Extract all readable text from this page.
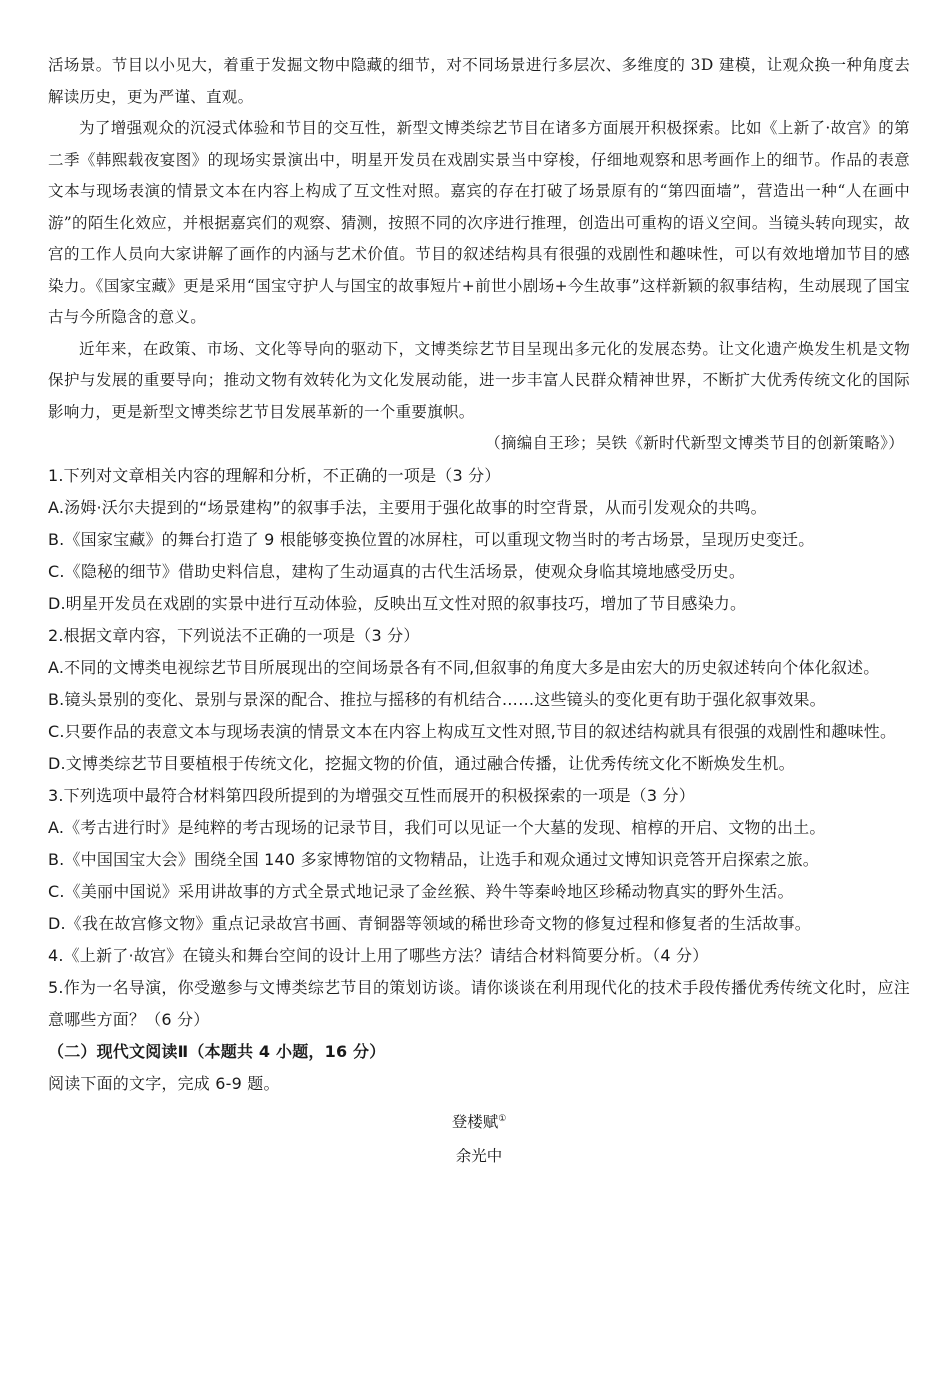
活场景。节目以小见大，着重于发掘文物中隐藏的细节，对不同场景进行多层次、多维度的 3D 建模，让观众换一种角度去解读历史，更为严谨、直观。

为了增强观众的沉浸式体验和节目的交互性，新型文博类综艺节目在诸多方面展开积极探索。比如《上新了·故宫》的第二季《韩熙载夜宴图》的现场实景演出中，明星开发员在戏剧实景当中穿梭，仔细地观察和思考画作上的细节。作品的表意文本与现场表演的情景文本在内容上构成了互文性对照。嘉宾的存在打破了场景原有的“第四面墙”，营造出一种“人在画中游”的陌生化效应，并根据嘉宾们的观察、猜测，按照不同的次序进行推理，创造出可重构的语义空间。当镜头转向现实，故宫的工作人员向大家讲解了画作的内涵与艺术价值。节目的叙述结构具有很强的戏剧性和趣味性，可以有效地增加节目的感染力。《国家宝藏》更是采用“国宝守护人与国宝的故事短片+前世小剧场+今生故事”这样新颖的叙事结构，生动展现了国宝古与今所隐含的意义。

近年来，在政策、市场、文化等导向的驱动下，文博类综艺节目呈现出多元化的发展态势。让文化遗产焕发生机是文物保护与发展的重要导向；推动文物有效转化为文化发展动能，进一步丰富人民群众精神世界，不断扩大优秀传统文化的国际影响力，更是新型文博类综艺节目发展革新的一个重要旗帜。

（摘编自王珍；吴铁《新时代新型文博类节目的创新策略》）

1.下列对文章相关内容的理解和分析，不正确的一项是（3 分）

A.汤姆·沃尔夫提到的“场景建构”的叙事手法，主要用于强化故事的时空背景，从而引发观众的共鸣。

B.《国家宝藏》的舞台打造了 9 根能够变换位置的冰屏柱，可以重现文物当时的考古场景，呈现历史变迁。

C.《隐秘的细节》借助史料信息，建构了生动逼真的古代生活场景，使观众身临其境地感受历史。

D.明星开发员在戏剧的实景中进行互动体验，反映出互文性对照的叙事技巧，增加了节目感染力。

2.根据文章内容，下列说法不正确的一项是（3 分）

A.不同的文博类电视综艺节目所展现出的空间场景各有不同,但叙事的角度大多是由宏大的历史叙述转向个体化叙述。

B.镜头景别的变化、景别与景深的配合、推拉与摇移的有机结合……这些镜头的变化更有助于强化叙事效果。

C.只要作品的表意文本与现场表演的情景文本在内容上构成互文性对照,节目的叙述结构就具有很强的戏剧性和趣味性。

D.文博类综艺节目要植根于传统文化，挖掘文物的价值，通过融合传播，让优秀传统文化不断焕发生机。

3.下列选项中最符合材料第四段所提到的为增强交互性而展开的积极探索的一项是（3 分）

A.《考古进行时》是纯粹的考古现场的记录节目，我们可以见证一个大墓的发现、棺椁的开启、文物的出土。

B.《中国国宝大会》围绕全国 140 多家博物馆的文物精品，让选手和观众通过文博知识竞答开启探索之旅。

C.《美丽中国说》采用讲故事的方式全景式地记录了金丝猴、羚牛等秦岭地区珍稀动物真实的野外生活。

D.《我在故宫修文物》重点记录故宫书画、青铜器等领域的稀世珍奇文物的修复过程和修复者的生活故事。

4.《上新了·故宫》在镜头和舞台空间的设计上用了哪些方法？请结合材料简要分析。（4 分）

5.作为一名导演，你受邀参与文博类综艺节目的策划访谈。请你谈谈在利用现代化的技术手段传播优秀传统文化时，应注意哪些方面？（6 分）

（二）现代文阅读Ⅱ（本题共 4 小题，16 分）

阅读下面的文字，完成 6-9 题。

登楼赋①
余光中
